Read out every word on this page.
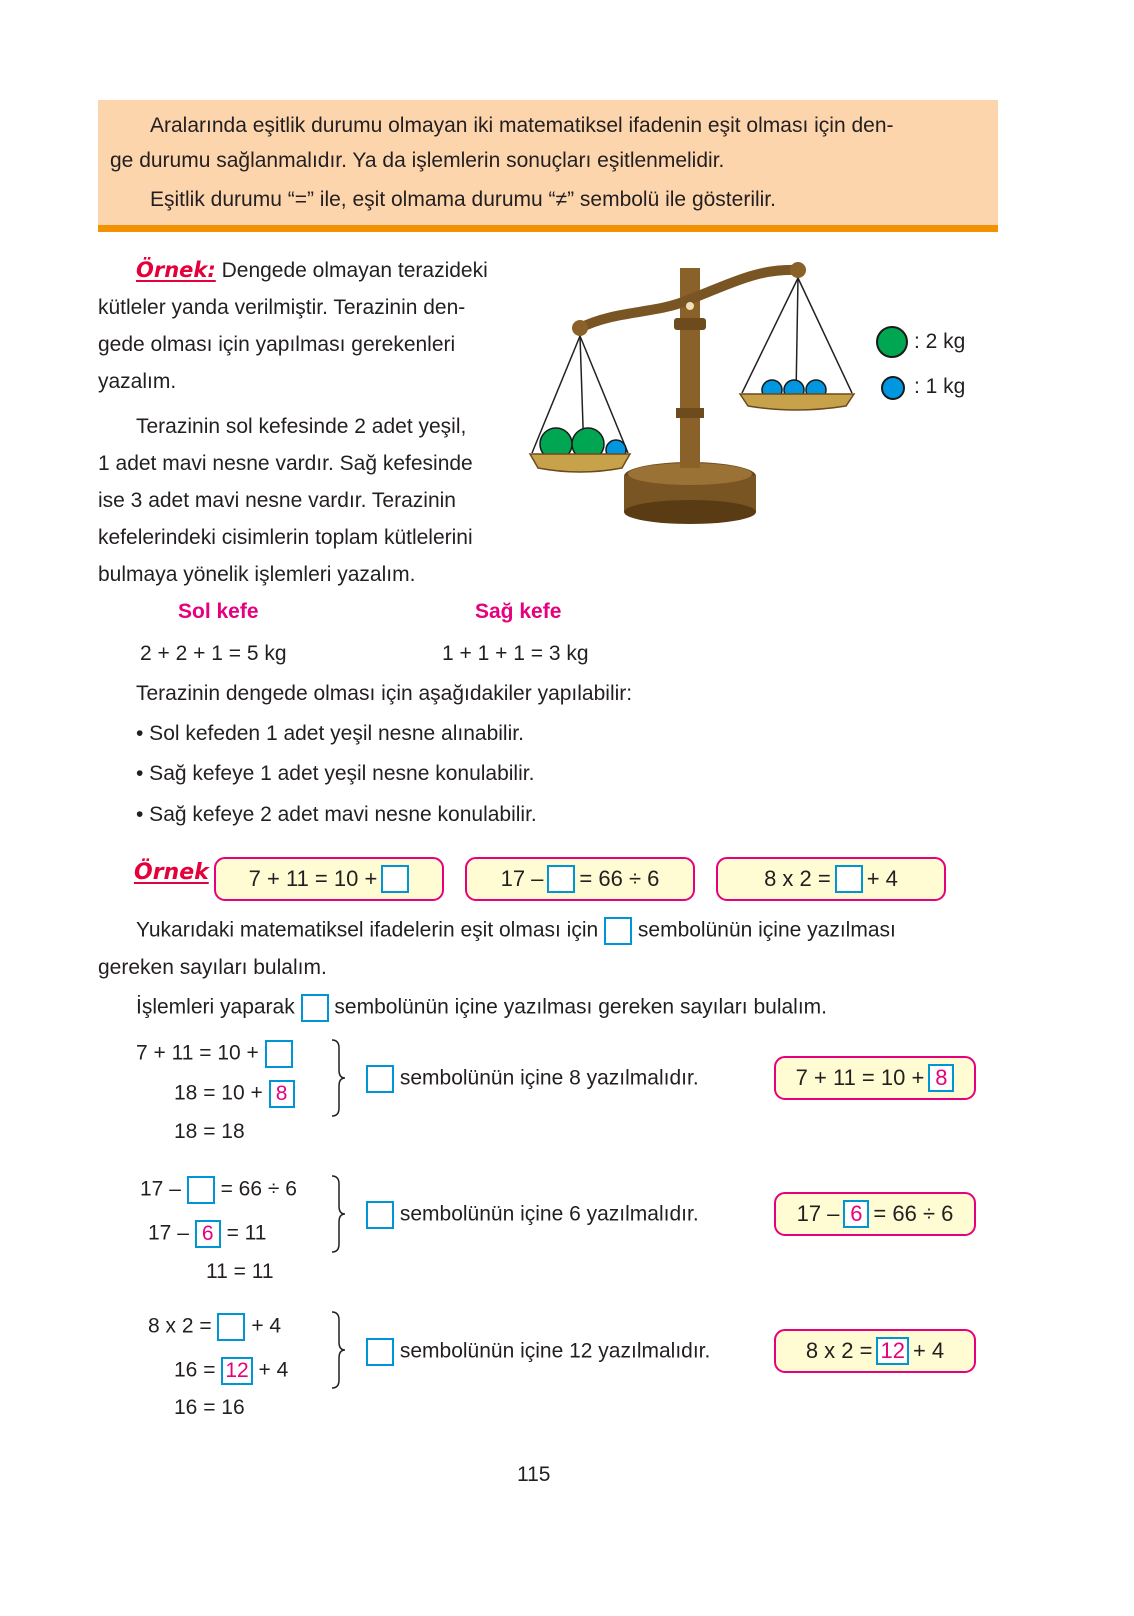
Aralarında eşitlik durumu olmayan iki matematiksel ifadenin eşit olması için den-

ge durumu sağlanmalıdır. Ya da işlemlerin sonuçları eşitlenmelidir.

Eşitlik durumu “=” ile, eşit olmama durumu “≠” sembolü ile gösterilir.

Örnek: Dengede olmayan terazideki
kütleler yanda verilmiştir. Terazinin den-
gede olması için yapılması gerekenleri
yazalım.
Terazinin sol kefesinde 2 adet yeşil,
1 adet mavi nesne vardır. Sağ kefesinde
ise 3 adet mavi nesne vardır. Terazinin
kefelerindeki cisimlerin toplam kütlelerini
bulmaya yönelik işlemleri yazalım.
: 2 kg
: 1 kg
Sol kefe	Sağ kefe
2 + 2 + 1 = 5 kg	1 + 1 + 1 = 3 kg
Terazinin dengede olması için aşağıdakiler yapılabilir:
• Sol kefeden 1 adet yeşil nesne alınabilir.
• Sağ kefeye 1 adet yeşil nesne konulabilir.
• Sağ kefeye 2 adet mavi nesne konulabilir.
Örnek 7 + 11 = 10 +	17 – = 66 ÷ 6	8 x 2 = + 4
Yukarıdaki matematiksel ifadelerin eşit olması için sembolünün içine yazılması
gereken sayıları bulalım.
İşlemleri yaparak sembolünün içine yazılması gereken sayıları bulalım.
7 + 11 = 10 +
18 = 10 + 8
18 = 18
sembolünün içine 8 yazılmalıdır.	7 + 11 = 10 + 8
17 – = 66 ÷ 6
17 – 6 = 11
11 = 11
sembolünün içine 6 yazılmalıdır.	17 – 6 = 66 ÷ 6
8 x 2 = + 4
16 = 12 + 4
16 = 16
sembolünün içine 12 yazılmalıdır.	8 x 2 = 12 + 4
115
